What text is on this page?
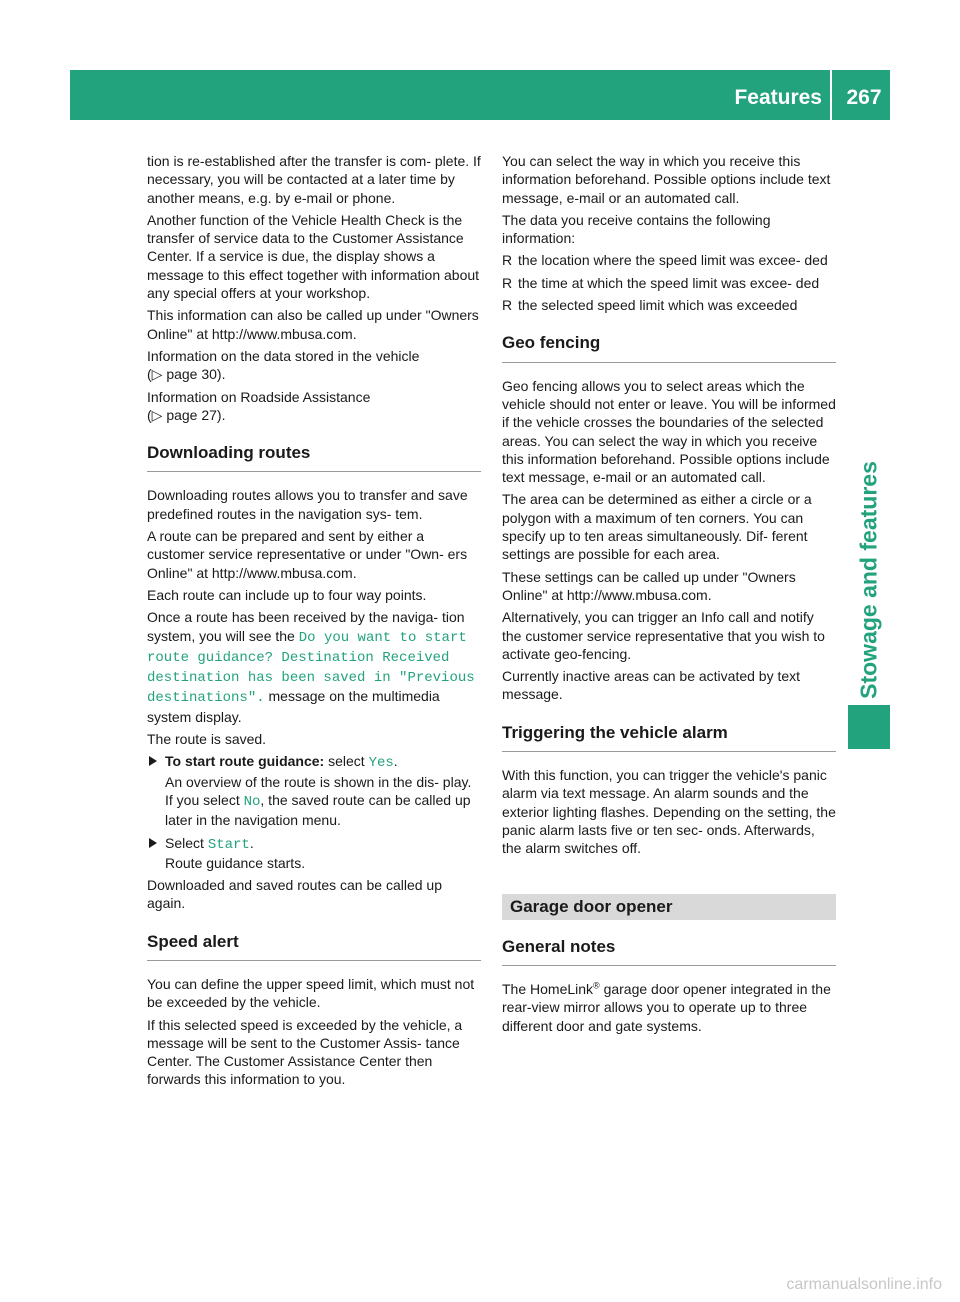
Features	267
Stowage and features

tion is re-established after the transfer is com- plete. If necessary, you will be contacted at a later time by another means, e.g. by e-mail or phone.

Another function of the Vehicle Health Check is the transfer of service data to the Customer Assistance Center. If a service is due, the display shows a message to this effect together with information about any special offers at your workshop.

This information can also be called up under "Owners Online" at http://www.mbusa.com.

Information on the data stored in the vehicle
(▷ page 30).

Information on Roadside Assistance
(▷ page 27).

Downloading routes

Downloading routes allows you to transfer and save predefined routes in the navigation sys- tem.

A route can be prepared and sent by either a customer service representative or under "Own- ers Online" at http://www.mbusa.com.

Each route can include up to four way points.

Once a route has been received by the naviga- tion system, you will see the Do you want to start route guidance? Destination Received destination has been saved in "Previous destinations". message on the multimedia system display.

The route is saved.

To start route guidance: select Yes.
An overview of the route is shown in the dis- play.
If you select No, the saved route can be called up later in the navigation menu.
Select Start.
Route guidance starts.

Downloaded and saved routes can be called up again.

Speed alert

You can define the upper speed limit, which must not be exceeded by the vehicle.

If this selected speed is exceeded by the vehicle, a message will be sent to the Customer Assis- tance Center. The Customer Assistance Center then forwards this information to you.

You can select the way in which you receive this information beforehand. Possible options include text message, e-mail or an automated call.

The data you receive contains the following information:

R the location where the speed limit was excee- ded
R the time at which the speed limit was excee- ded
R the selected speed limit which was exceeded
Geo fencing

Geo fencing allows you to select areas which the vehicle should not enter or leave. You will be informed if the vehicle crosses the boundaries of the selected areas. You can select the way in which you receive this information beforehand. Possible options include text message, e-mail or an automated call.

The area can be determined as either a circle or a polygon with a maximum of ten corners. You can specify up to ten areas simultaneously. Dif- ferent settings are possible for each area.

These settings can be called up under "Owners Online" at http://www.mbusa.com.

Alternatively, you can trigger an Info call and notify the customer service representative that you wish to activate geo-fencing.

Currently inactive areas can be activated by text message.

Triggering the vehicle alarm

With this function, you can trigger the vehicle's panic alarm via text message. An alarm sounds and the exterior lighting flashes. Depending on the setting, the panic alarm lasts five or ten sec- onds. Afterwards, the alarm switches off.

Garage door opener
General notes

The HomeLink® garage door opener integrated in the rear-view mirror allows you to operate up to three different door and gate systems.

carmanualsonline.info
